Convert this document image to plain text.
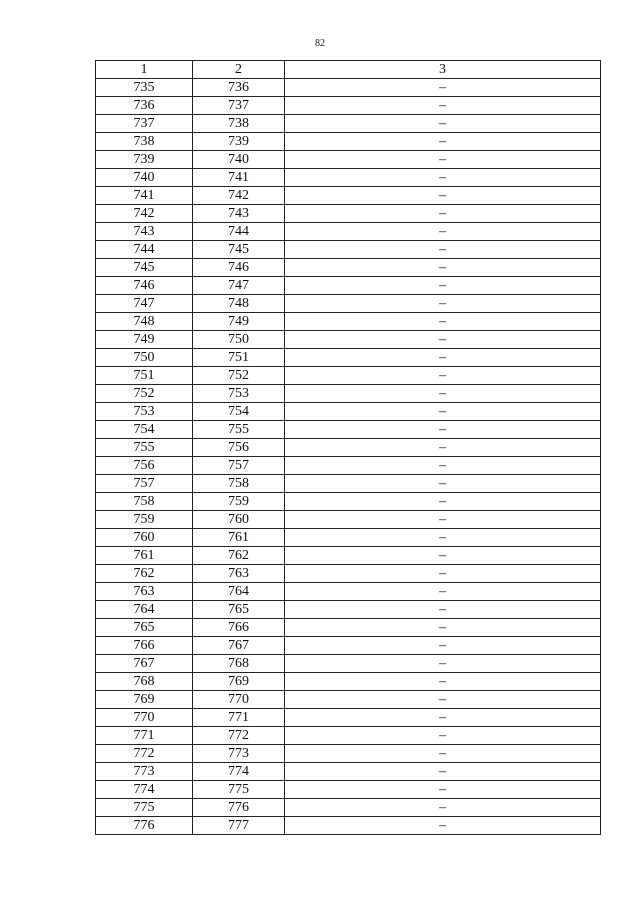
82
1	2	3
735	736	–
736	737	–
737	738	–
738	739	–
739	740	–
740	741	–
741	742	–
742	743	–
743	744	–
744	745	–
745	746	–
746	747	–
747	748	–
748	749	–
749	750	–
750	751	–
751	752	–
752	753	–
753	754	–
754	755	–
755	756	–
756	757	–
757	758	–
758	759	–
759	760	–
760	761	–
761	762	–
762	763	–
763	764	–
764	765	–
765	766	–
766	767	–
767	768	–
768	769	–
769	770	–
770	771	–
771	772	–
772	773	–
773	774	–
774	775	–
775	776	–
776	777	–
